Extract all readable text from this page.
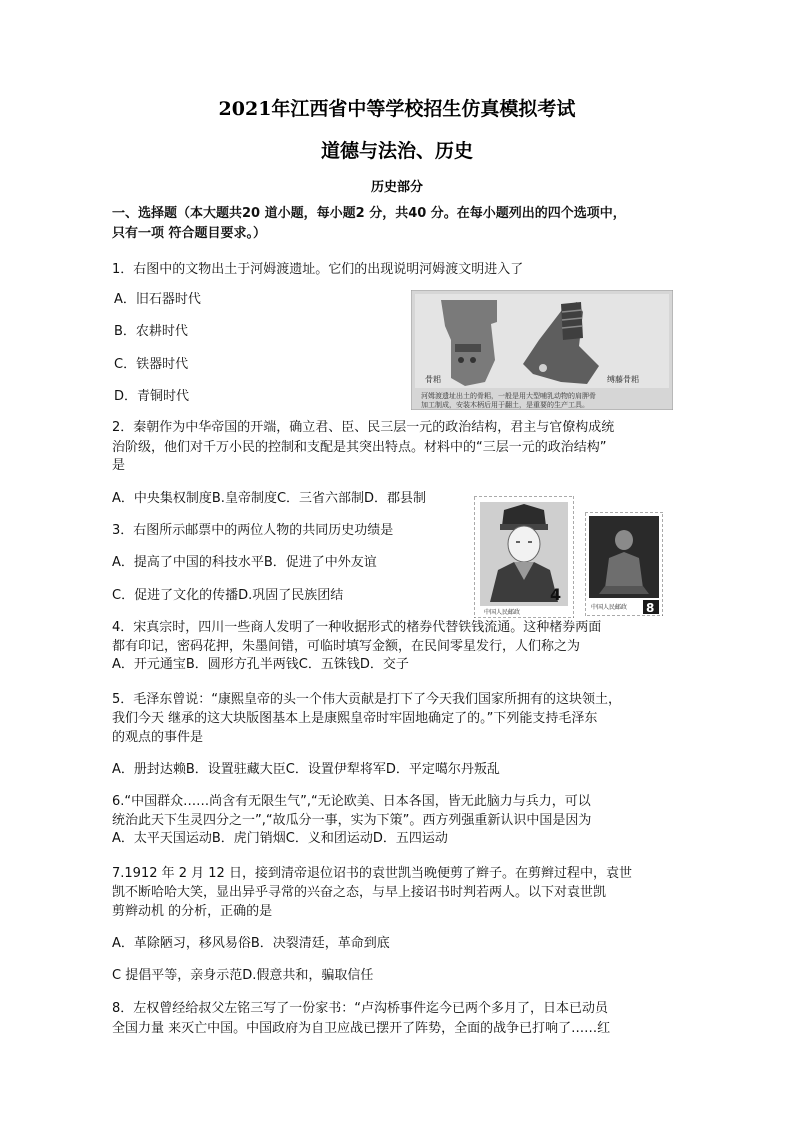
2021年江西省中等学校招生仿真模拟考试
道德与法治、历史
历史部分
一、选择题（本大题共20 道小题，每小题2 分，共40 分。在每小题列出的四个选项中，
只有一项 符合题目要求。）
1．右图中的文物出土于河姆渡遗址。它们的出现说明河姆渡文明进入了
A．旧石器时代
B．农耕时代
C．铁器时代
D．青铜时代
骨耜	缚藤骨耜
河姆渡遗址出土的骨耜，一般是用大型哺乳动物的肩胛骨
加工制成，安装木柄后用于翻土，是重要的生产工具。
2．秦朝作为中华帝国的开端，确立君、臣、民三层一元的政治结构，君主与官僚构成统
治阶级，他们对千万小民的控制和支配是其突出特点。材料中的“三层一元的政治结构”
是
A．中央集权制度B.皇帝制度C．三省六部制D．郡县制
3．右图所示邮票中的两位人物的共同历史功绩是
A．提高了中国的科技水平B．促进了中外友谊
C．促进了文化的传播D.巩固了民族团结
中国人民邮政
4
中国人民邮政 8
4．宋真宗时，四川一些商人发明了一种收据形式的楮券代替铁钱流通。这种楮券两面
都有印记，密码花押，朱墨间错，可临时填写金额，在民间零星发行，人们称之为
A．开元通宝B．圆形方孔半两钱C．五铢钱D．交子
5．毛泽东曾说：“康熙皇帝的头一个伟大贡献是打下了今天我们国家所拥有的这块领土，
我们今天 继承的这大块版图基本上是康熙皇帝时牢固地确定了的。”下列能支持毛泽东
的观点的事件是
A．册封达赖B．设置驻藏大臣C．设置伊犁将军D．平定噶尔丹叛乱
6.“中国群众……尚含有无限生气”,“无论欧美、日本各国，皆无此脑力与兵力，可以
统治此天下生灵四分之一”,“故瓜分一事，实为下策”。西方列强重新认识中国是因为
A．太平天国运动B．虎门销烟C．义和团运动D．五四运动
7.1912 年 2 月 12 日，接到清帝退位诏书的袁世凯当晚便剪了辫子。在剪辫过程中，袁世
凯不断哈哈大笑，显出异乎寻常的兴奋之态，与早上接诏书时判若两人。以下对袁世凯
剪辫动机 的分析，正确的是
A．革除陋习，移风易俗B．决裂清廷，革命到底
C 提倡平等，亲身示范D.假意共和，骗取信任
8．左权曾经给叔父左铭三写了一份家书：“卢沟桥事件迄今已两个多月了，日本已动员
全国力量 来灭亡中国。中国政府为自卫应战已摆开了阵势，全面的战争已打响了……红
